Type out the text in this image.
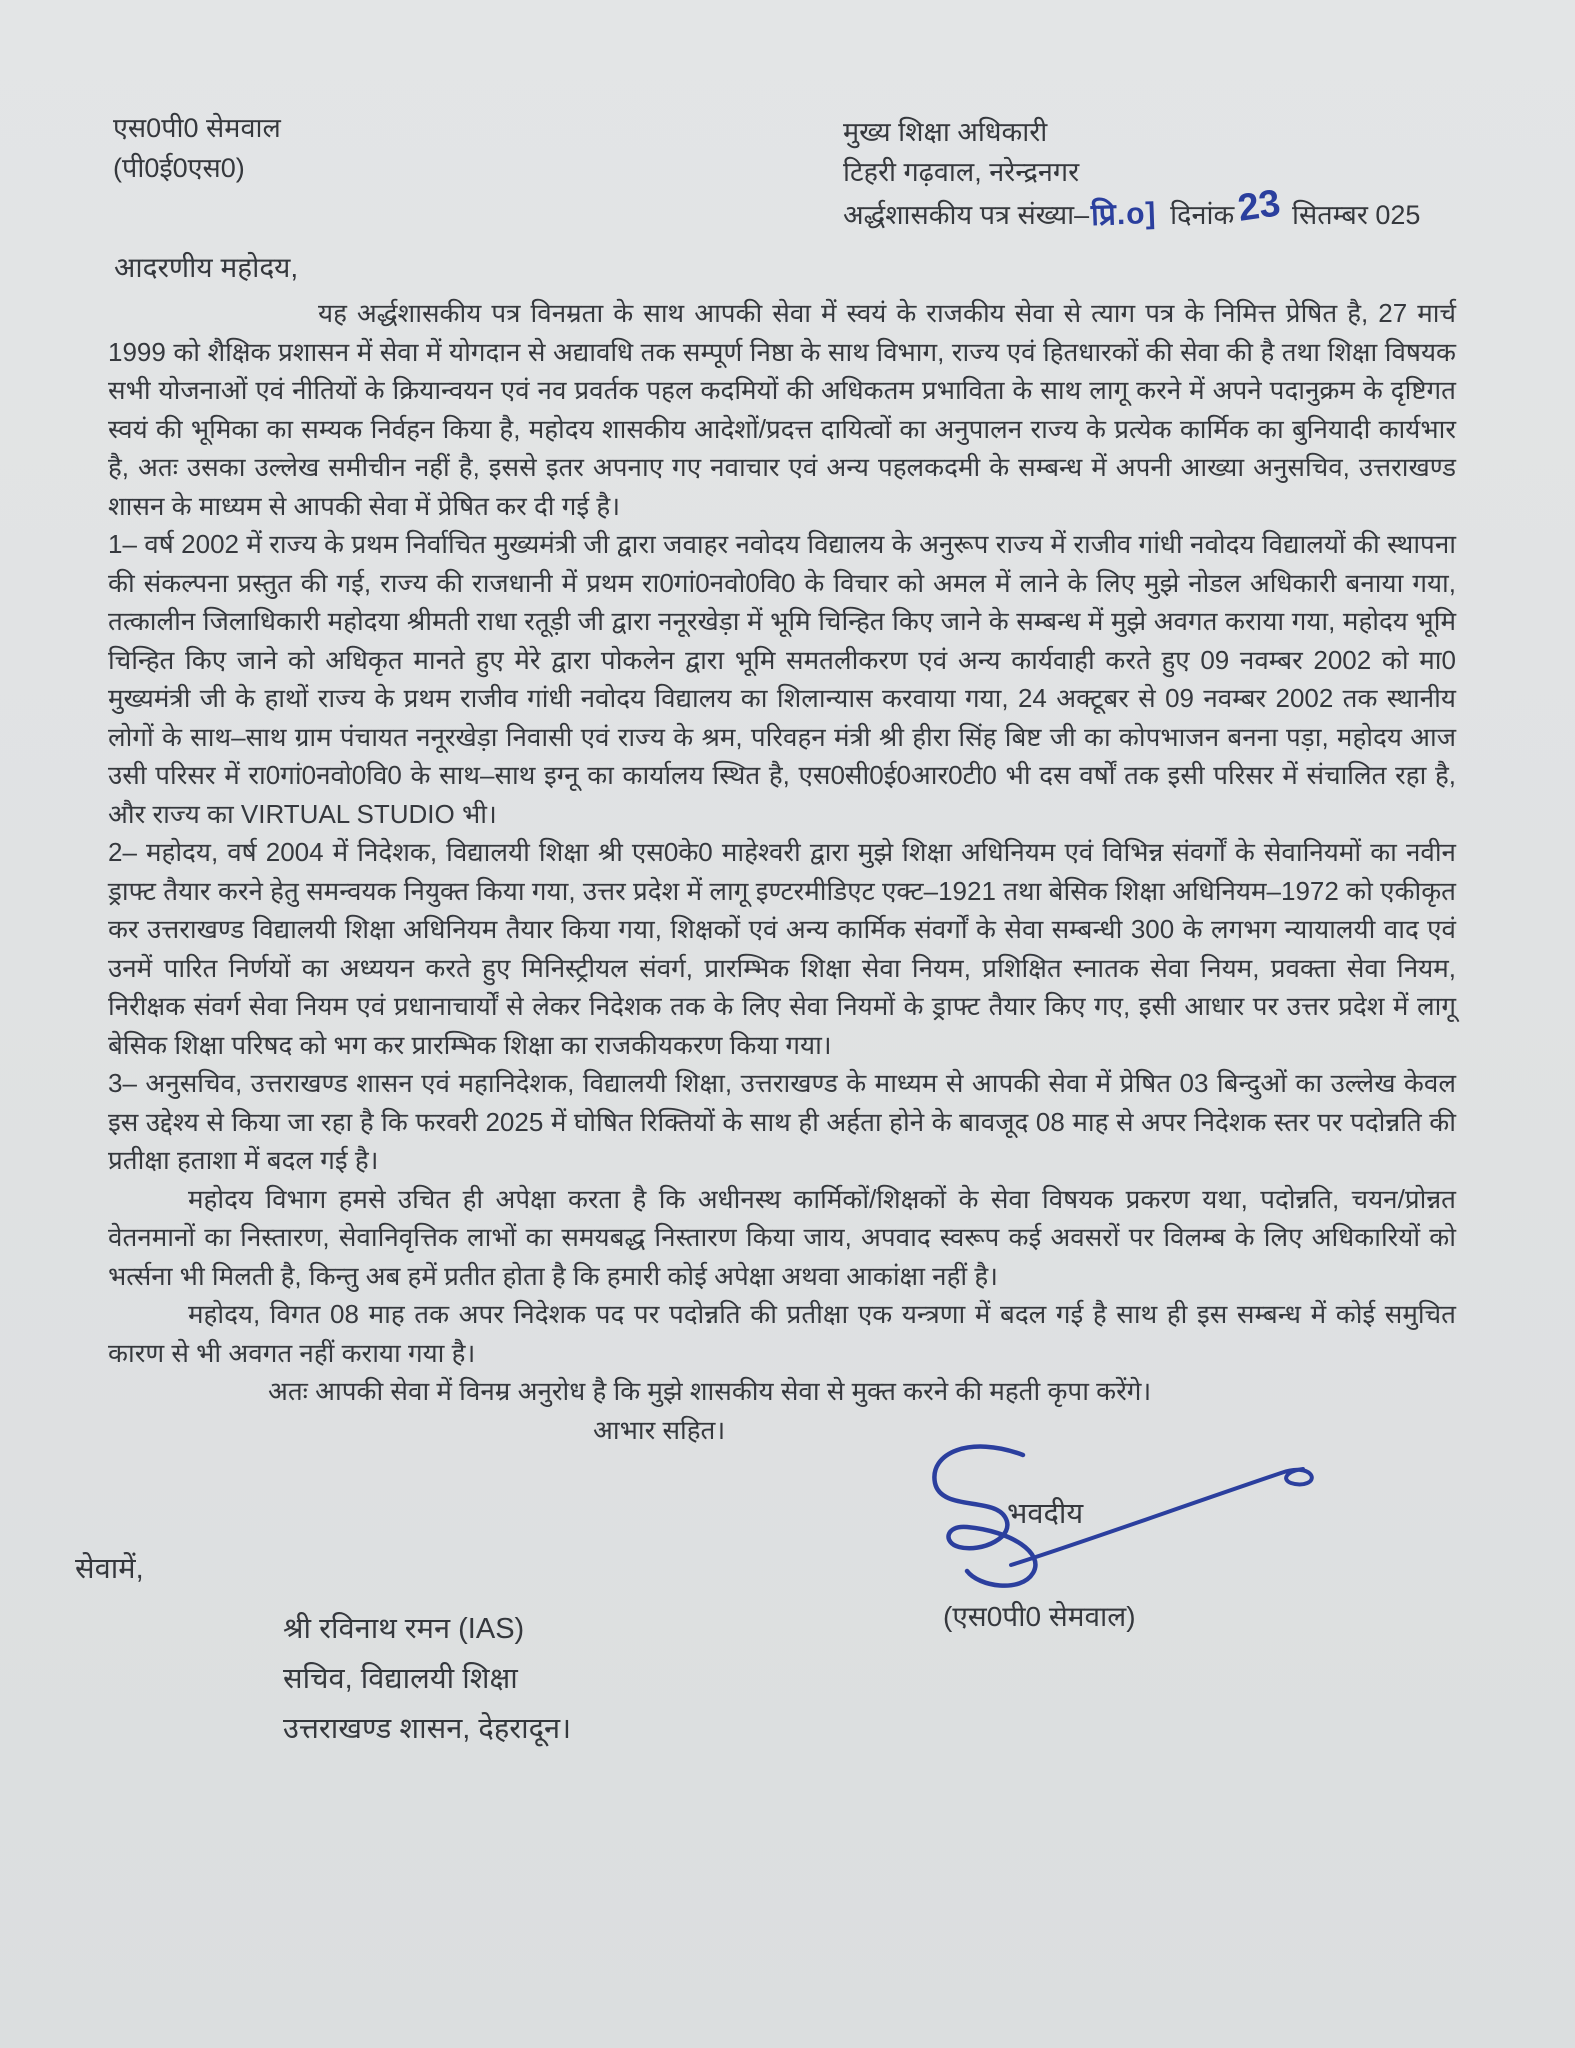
एस0पी0 सेमवाल
(पी0ई0एस0)
मुख्य शिक्षा अधिकारी
टिहरी गढ़वाल, नरेन्द्रनगर
अर्द्धशासकीय पत्र संख्या–प्रि.o] दिनांक23 सितम्बर 025
आदरणीय महोदय,

यह अर्द्धशासकीय पत्र विनम्रता के साथ आपकी सेवा में स्वयं के राजकीय सेवा से त्याग पत्र के निमित्त प्रेषित है, 27 मार्च 1999 को शैक्षिक प्रशासन में सेवा में योगदान से अद्यावधि तक सम्पूर्ण निष्ठा के साथ विभाग, राज्य एवं हितधारकों की सेवा की है तथा शिक्षा विषयक सभी योजनाओं एवं नीतियों के क्रियान्वयन एवं नव प्रवर्तक पहल कदमियों की अधिकतम प्रभाविता के साथ लागू करने में अपने पदानुक्रम के दृष्टिगत स्वयं की भूमिका का सम्यक निर्वहन किया है, महोदय शासकीय आदेशों/प्रदत्त दायित्वों का अनुपालन राज्य के प्रत्येक कार्मिक का बुनियादी कार्यभार है, अतः उसका उल्लेख समीचीन नहीं है, इससे इतर अपनाए गए नवाचार एवं अन्य पहलकदमी के सम्बन्ध में अपनी आख्या अनुसचिव, उत्तराखण्ड शासन के माध्यम से आपकी सेवा में प्रेषित कर दी गई है।

1– वर्ष 2002 में राज्य के प्रथम निर्वाचित मुख्यमंत्री जी द्वारा जवाहर नवोदय विद्यालय के अनुरूप राज्य में राजीव गांधी नवोदय विद्यालयों की स्थापना की संकल्पना प्रस्तुत की गई, राज्य की राजधानी में प्रथम रा0गां0नवो0वि0 के विचार को अमल में लाने के लिए मुझे नोडल अधिकारी बनाया गया, तत्कालीन जिलाधिकारी महोदया श्रीमती राधा रतूड़ी जी द्वारा ननूरखेड़ा में भूमि चिन्हित किए जाने के सम्बन्ध में मुझे अवगत कराया गया, महोदय भूमि चिन्हित किए जाने को अधिकृत मानते हुए मेरे द्वारा पोकलेन द्वारा भूमि समतलीकरण एवं अन्य कार्यवाही करते हुए 09 नवम्बर 2002 को मा0 मुख्यमंत्री जी के हाथों राज्य के प्रथम राजीव गांधी नवोदय विद्यालय का शिलान्यास करवाया गया, 24 अक्टूबर से 09 नवम्बर 2002 तक स्थानीय लोगों के साथ–साथ ग्राम पंचायत ननूरखेड़ा निवासी एवं राज्य के श्रम, परिवहन मंत्री श्री हीरा सिंह बिष्ट जी का कोपभाजन बनना पड़ा, महोदय आज उसी परिसर में रा0गां0नवो0वि0 के साथ–साथ इग्नू का कार्यालय स्थित है, एस0सी0ई0आर0टी0 भी दस वर्षों तक इसी परिसर में संचालित रहा है, और राज्य का VIRTUAL STUDIO भी।

2– महोदय, वर्ष 2004 में निदेशक, विद्यालयी शिक्षा श्री एस0के0 माहेश्वरी द्वारा मुझे शिक्षा अधिनियम एवं विभिन्न संवर्गों के सेवानियमों का नवीन ड्राफ्ट तैयार करने हेतु समन्वयक नियुक्त किया गया, उत्तर प्रदेश में लागू इण्टरमीडिएट एक्ट–1921 तथा बेसिक शिक्षा अधिनियम–1972 को एकीकृत कर उत्तराखण्ड विद्यालयी शिक्षा अधिनियम तैयार किया गया, शिक्षकों एवं अन्य कार्मिक संवर्गों के सेवा सम्बन्धी 300 के लगभग न्यायालयी वाद एवं उनमें पारित निर्णयों का अध्ययन करते हुए मिनिस्ट्रीयल संवर्ग, प्रारम्भिक शिक्षा सेवा नियम, प्रशिक्षित स्नातक सेवा नियम, प्रवक्ता सेवा नियम, निरीक्षक संवर्ग सेवा नियम एवं प्रधानाचार्यों से लेकर निदेशक तक के लिए सेवा नियमों के ड्राफ्ट तैयार किए गए, इसी आधार पर उत्तर प्रदेश में लागू बेसिक शिक्षा परिषद को भग कर प्रारम्भिक शिक्षा का राजकीयकरण किया गया।

3– अनुसचिव, उत्तराखण्ड शासन एवं महानिदेशक, विद्यालयी शिक्षा, उत्तराखण्ड के माध्यम से आपकी सेवा में प्रेषित 03 बिन्दुओं का उल्लेख केवल इस उद्देश्य से किया जा रहा है कि फरवरी 2025 में घोषित रिक्तियों के साथ ही अर्हता होने के बावजूद 08 माह से अपर निदेशक स्तर पर पदोन्नति की प्रतीक्षा हताशा में बदल गई है।

महोदय विभाग हमसे उचित ही अपेक्षा करता है कि अधीनस्थ कार्मिकों/शिक्षकों के सेवा विषयक प्रकरण यथा, पदोन्नति, चयन/प्रोन्नत वेतनमानों का निस्तारण, सेवानिवृत्तिक लाभों का समयबद्ध निस्तारण किया जाय, अपवाद स्वरूप कई अवसरों पर विलम्ब के लिए अधिकारियों को भर्त्सना भी मिलती है, किन्तु अब हमें प्रतीत होता है कि हमारी कोई अपेक्षा अथवा आकांक्षा नहीं है।

महोदय, विगत 08 माह तक अपर निदेशक पद पर पदोन्नति की प्रतीक्षा एक यन्त्रणा में बदल गई है साथ ही इस सम्बन्ध में कोई समुचित कारण से भी अवगत नहीं कराया गया है।

अतः आपकी सेवा में विनम्र अनुरोध है कि मुझे शासकीय सेवा से मुक्त करने की महती कृपा करेंगे।

आभार सहित।

भवदीय
(एस0पी0 सेमवाल)
सेवामें,
श्री रविनाथ रमन (IAS)
सचिव, विद्यालयी शिक्षा
उत्तराखण्ड शासन, देहरादून।
